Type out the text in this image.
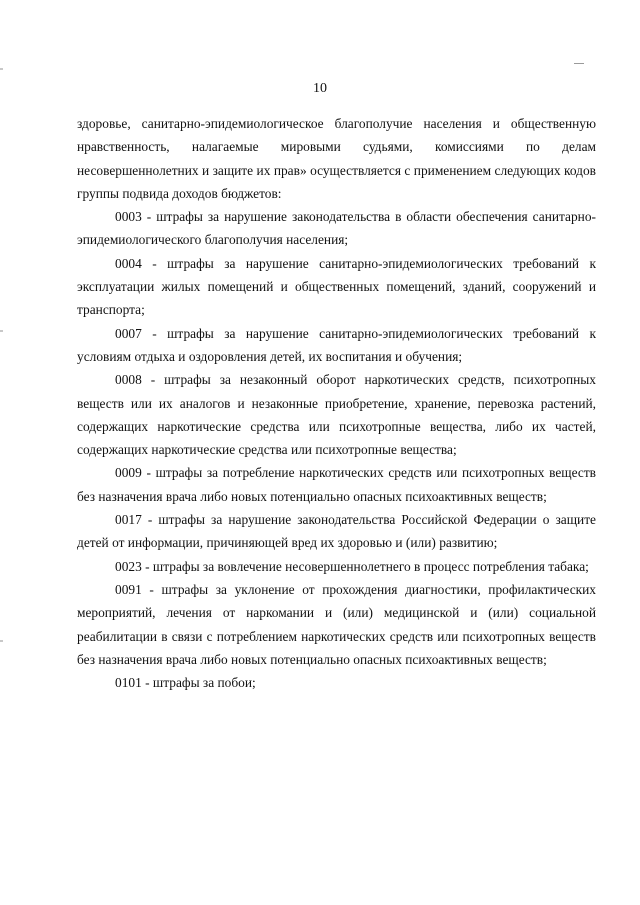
10

здоровье, санитарно-эпидемиологическое благополучие населения и общественную нравственность, налагаемые мировыми судьями, комиссиями по делам несовершеннолетних и защите их прав» осуществляется с применением следующих кодов группы подвида доходов бюджетов:

0003 - штрафы за нарушение законодательства в области обеспечения санитарно-эпидемиологического благополучия населения;

0004 - штрафы за нарушение санитарно-эпидемиологических требований к эксплуатации жилых помещений и общественных помещений, зданий, сооружений и транспорта;

0007 - штрафы за нарушение санитарно-эпидемиологических требований к условиям отдыха и оздоровления детей, их воспитания и обучения;

0008 - штрафы за незаконный оборот наркотических средств, психотропных веществ или их аналогов и незаконные приобретение, хранение, перевозка растений, содержащих наркотические средства или психотропные вещества, либо их частей, содержащих наркотические средства или психотропные вещества;

0009 - штрафы за потребление наркотических средств или психотропных веществ без назначения врача либо новых потенциально опасных психоактивных веществ;

0017 - штрафы за нарушение законодательства Российской Федерации о защите детей от информации, причиняющей вред их здоровью и (или) развитию;

0023 - штрафы за вовлечение несовершеннолетнего в процесс потребления табака;

0091 - штрафы за уклонение от прохождения диагностики, профилактических мероприятий, лечения от наркомании и (или) медицинской и (или) социальной реабилитации в связи с потреблением наркотических средств или психотропных веществ без назначения врача либо новых потенциально опасных психоактивных веществ;

0101 - штрафы за побои;
